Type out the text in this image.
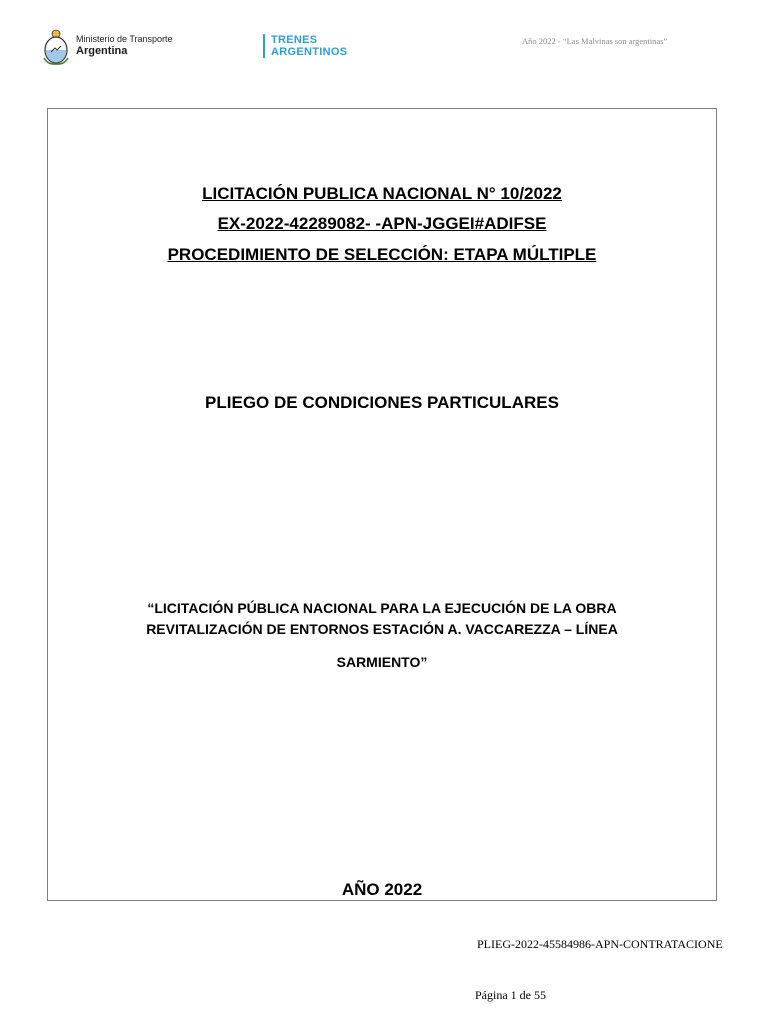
Ministerio de Transporte
Argentina
TRENES
ARGENTINOS
Año 2022 - “Las Malvinas son argentinas”
LICITACIÓN PUBLICA NACIONAL N° 10/2022
EX-2022-42289082- -APN-JGGEI#ADIFSE
PROCEDIMIENTO DE SELECCIÓN: ETAPA MÚLTIPLE
PLIEGO DE CONDICIONES PARTICULARES
“LICITACIÓN PÚBLICA NACIONAL PARA LA EJECUCIÓN DE LA OBRA
REVITALIZACIÓN DE ENTORNOS ESTACIÓN A. VACCAREZZA – LÍNEA
SARMIENTO”
AÑO 2022
PLIEG-2022-45584986-APN-CONTRATACIONE
Página 1 de 55
